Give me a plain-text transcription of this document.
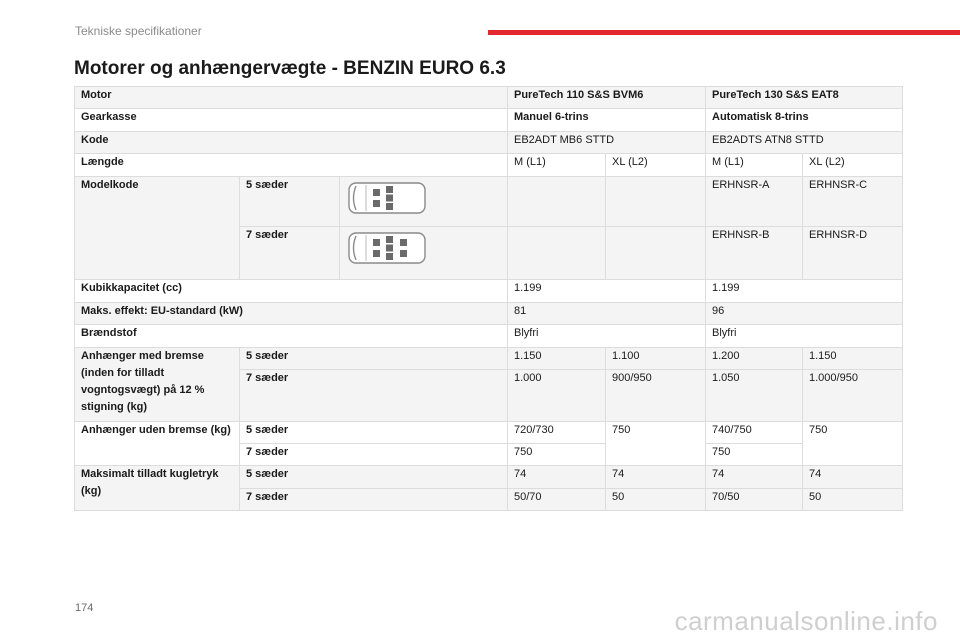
Tekniske specifikationer
Motorer og anhængervægte - BENZIN EURO 6.3
Motor			PureTech 110 S&S BVM6		PureTech 130 S&S EAT8	
Gearkasse			Manuel 6-trins		Automatisk 8-trins	
Kode			EB2ADT MB6 STTD		EB2ADTS ATN8 STTD	
Længde			M (L1)	XL (L2)	M (L1)	XL (L2)
Modelkode	5 sæder				ERHNSR-A	ERHNSR-C
	7 sæder				ERHNSR-B	ERHNSR-D
Kubikkapacitet (cc)			1.199		1.199	
Maks. effekt: EU-standard (kW)			81		96	
Brændstof			Blyfri		Blyfri	
Anhænger med bremse (inden for tilladt vogntogsvægt) på 12 % stigning (kg)	5 sæder		1.150	1.100	1.200	1.150
	7 sæder		1.000	900/950	1.050	1.000/950
Anhænger uden bremse (kg)	5 sæder		720/730	750	740/750	750
	7 sæder		750		750	
Maksimalt tilladt kugletryk (kg)	5 sæder		74	74	74	74
	7 sæder		50/70	50	70/50	50
174	carmanualsonline.info
